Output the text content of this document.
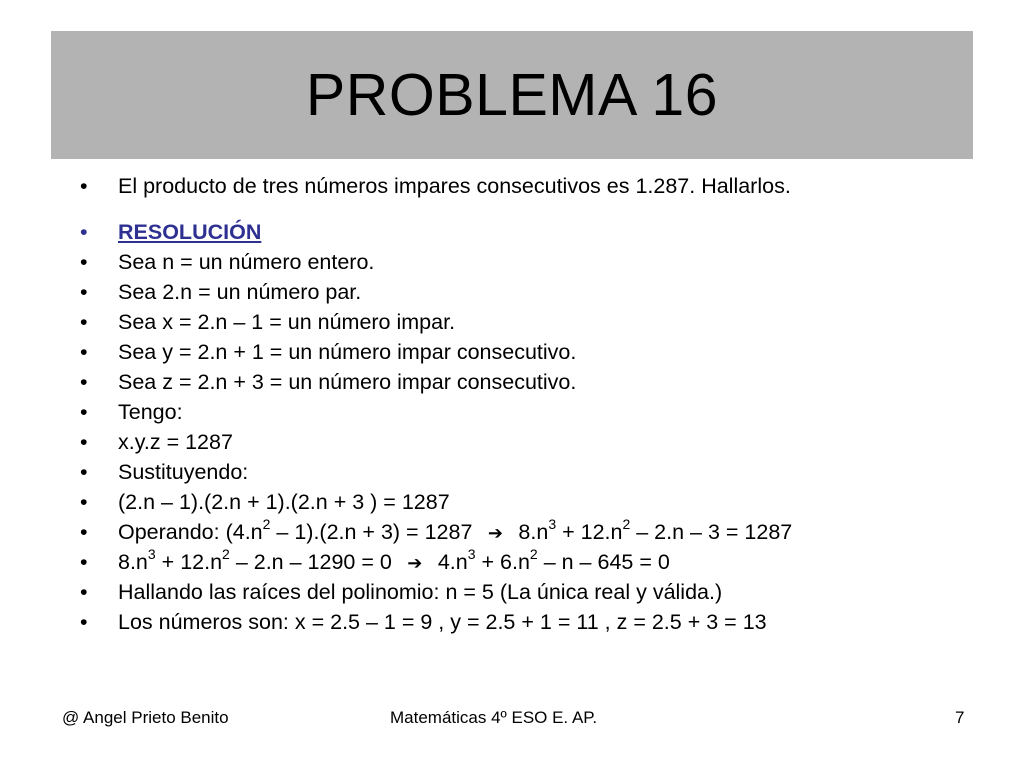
PROBLEMA 16
• El producto de tres números impares consecutivos es 1.287. Hallarlos.
• RESOLUCIÓN
• Sea n = un número entero.
• Sea 2.n = un número par.
• Sea x = 2.n – 1 = un número impar.
• Sea y = 2.n + 1 = un número impar consecutivo.
• Sea z = 2.n + 3 = un número impar consecutivo.
• Tengo:
• x.y.z = 1287
• Sustituyendo:
• (2.n – 1).(2.n + 1).(2.n + 3 ) = 1287
• Operando: $(4.n^2 - 1).(2.n + 3) = 1287$ ➔ $8.n^3 + 12.n^2 - 2.n - 3 = 1287$
• $8.n^3 + 12.n^2 - 2.n - 1290 = 0$ ➔ $4.n^3 + 6.n^2 - n - 645 = 0$
• Hallando las raíces del polinomio: n = 5 (La única real y válida.)
• Los números son: x = 2.5 – 1 = 9 , y = 2.5 + 1 = 11 , z = 2.5 + 3 = 13
@ Angel Prieto Benito	Matemáticas 4º ESO E. AP.	7
